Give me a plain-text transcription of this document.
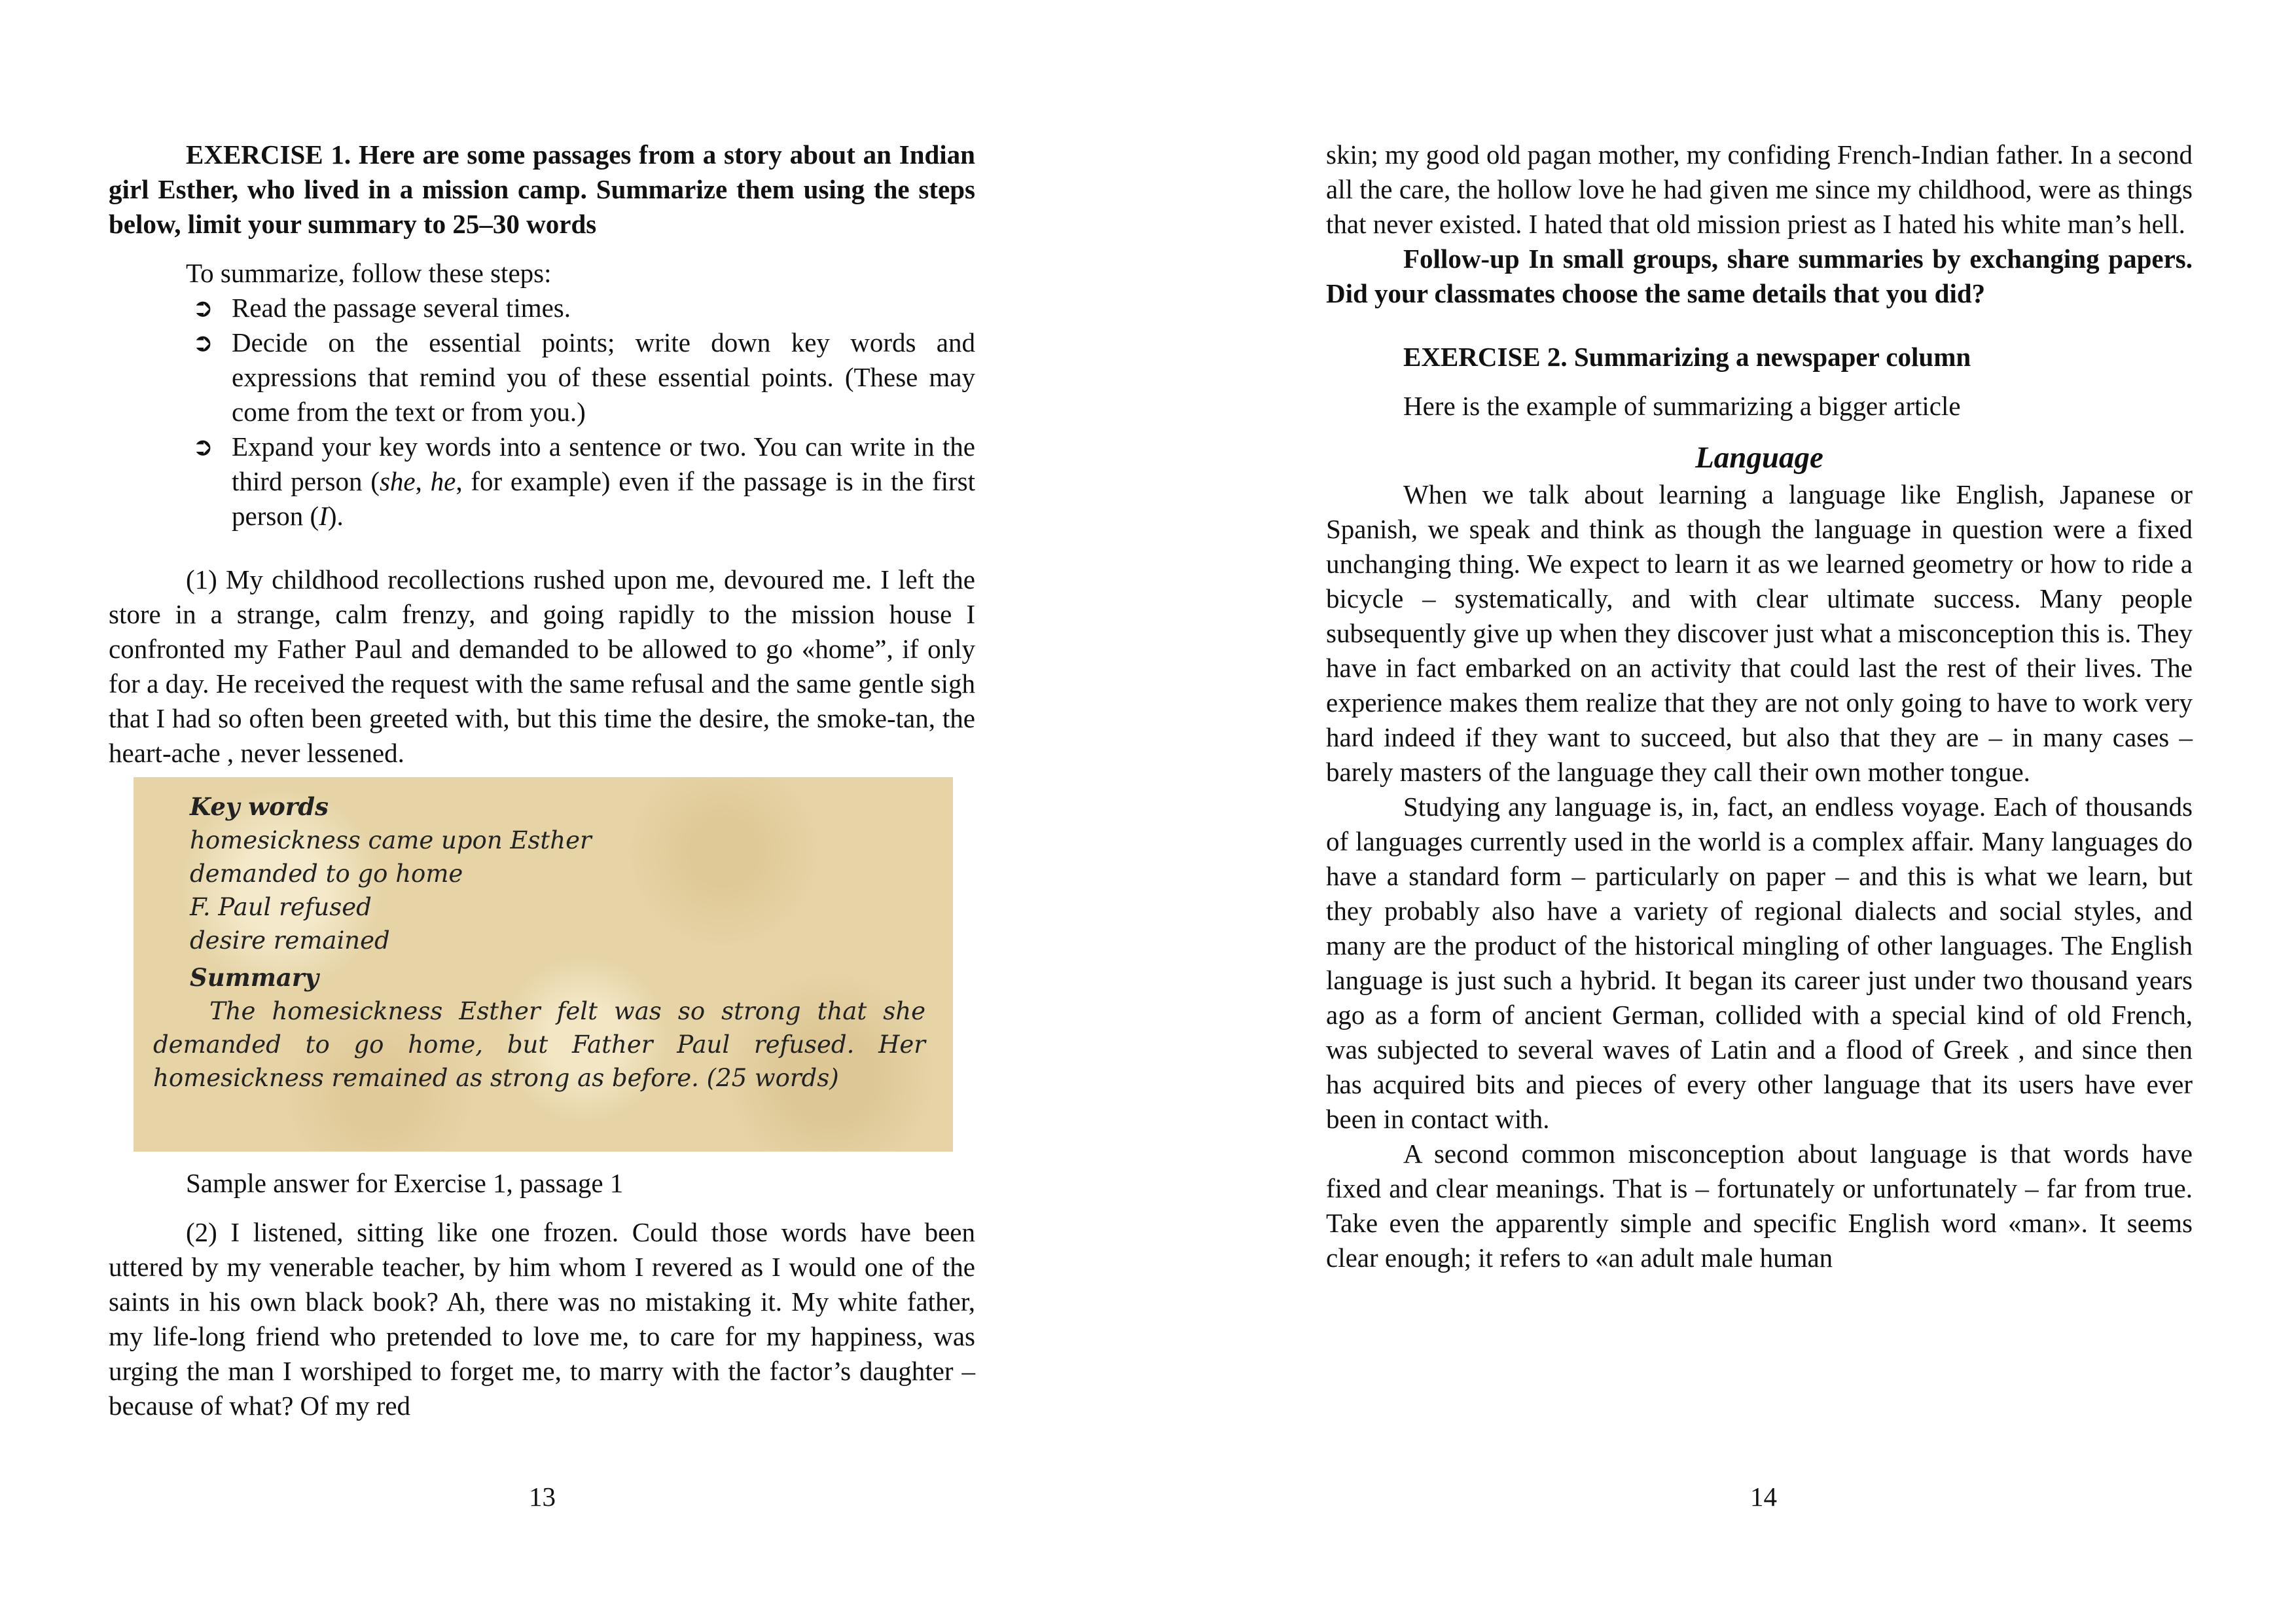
EXERCISE 1. Here are some passages from a story about an Indian girl Esther, who lived in a mission camp. Summarize them using the steps below, limit your summary to 25–30 words

To summarize, follow these steps:

➲ Read the passage several times.
➲ Decide on the essential points; write down key words and expressions that remind you of these essential points. (These may come from the text or from you.)
➲ Expand your key words into a sentence or two. You can write in the third person (she, he, for example) even if the passage is in the first person (I).

(1) My childhood recollections rushed upon me, devoured me. I left the store in a strange, calm frenzy, and going rapidly to the mission house I confronted my Father Paul and demanded to be allowed to go «home”, if only for a day. He received the request with the same refusal and the same gentle sigh that I had so often been greeted with, but this time the desire, the smoke-tan, the heart-ache , never lessened.

Key words
homesickness came upon Esther
demanded to go home
F. Paul refused
desire remained
Summary
The homesickness Esther felt was so strong that she demanded to go home, but Father Paul refused. Her homesickness remained as strong as before. (25 words)

Sample answer for Exercise 1, passage 1

(2) I listened, sitting like one frozen. Could those words have been uttered by my venerable teacher, by him whom I revered as I would one of the saints in his own black book? Ah, there was no mistaking it. My white father, my life-long friend who pretended to love me, to care for my happiness, was urging the man I worshiped to forget me, to marry with the factor’s daughter – because of what? Of my red

13

skin; my good old pagan mother, my confiding French-Indian father. In a second all the care, the hollow love he had given me since my childhood, were as things that never existed. I hated that old mission priest as I hated his white man’s hell.

Follow-up In small groups, share summaries by exchanging papers. Did your classmates choose the same details that you did?

EXERCISE 2. Summarizing a newspaper column

Here is the example of summarizing a bigger article

Language

When we talk about learning a language like English, Japanese or Spanish, we speak and think as though the language in question were a fixed unchanging thing. We expect to learn it as we learned geometry or how to ride a bicycle – systematically, and with clear ultimate success. Many people subsequently give up when they discover just what a misconception this is. They have in fact embarked on an activity that could last the rest of their lives. The experience makes them realize that they are not only going to have to work very hard indeed if they want to succeed, but also that they are – in many cases – barely masters of the language they call their own mother tongue.

Studying any language is, in, fact, an endless voyage. Each of thousands of languages currently used in the world is a complex affair. Many languages do have a standard form – particularly on paper – and this is what we learn, but they probably also have a variety of regional dialects and social styles, and many are the product of the historical mingling of other languages. The English language is just such a hybrid. It began its career just under two thousand years ago as a form of ancient German, collided with a special kind of old French, was subjected to several waves of Latin and a flood of Greek , and since then has acquired bits and pieces of every other language that its users have ever been in contact with.

A second common misconception about language is that words have fixed and clear meanings. That is – fortunately or unfortunately – far from true. Take even the apparently simple and specific English word «man». It seems clear enough; it refers to «an adult male human

14
